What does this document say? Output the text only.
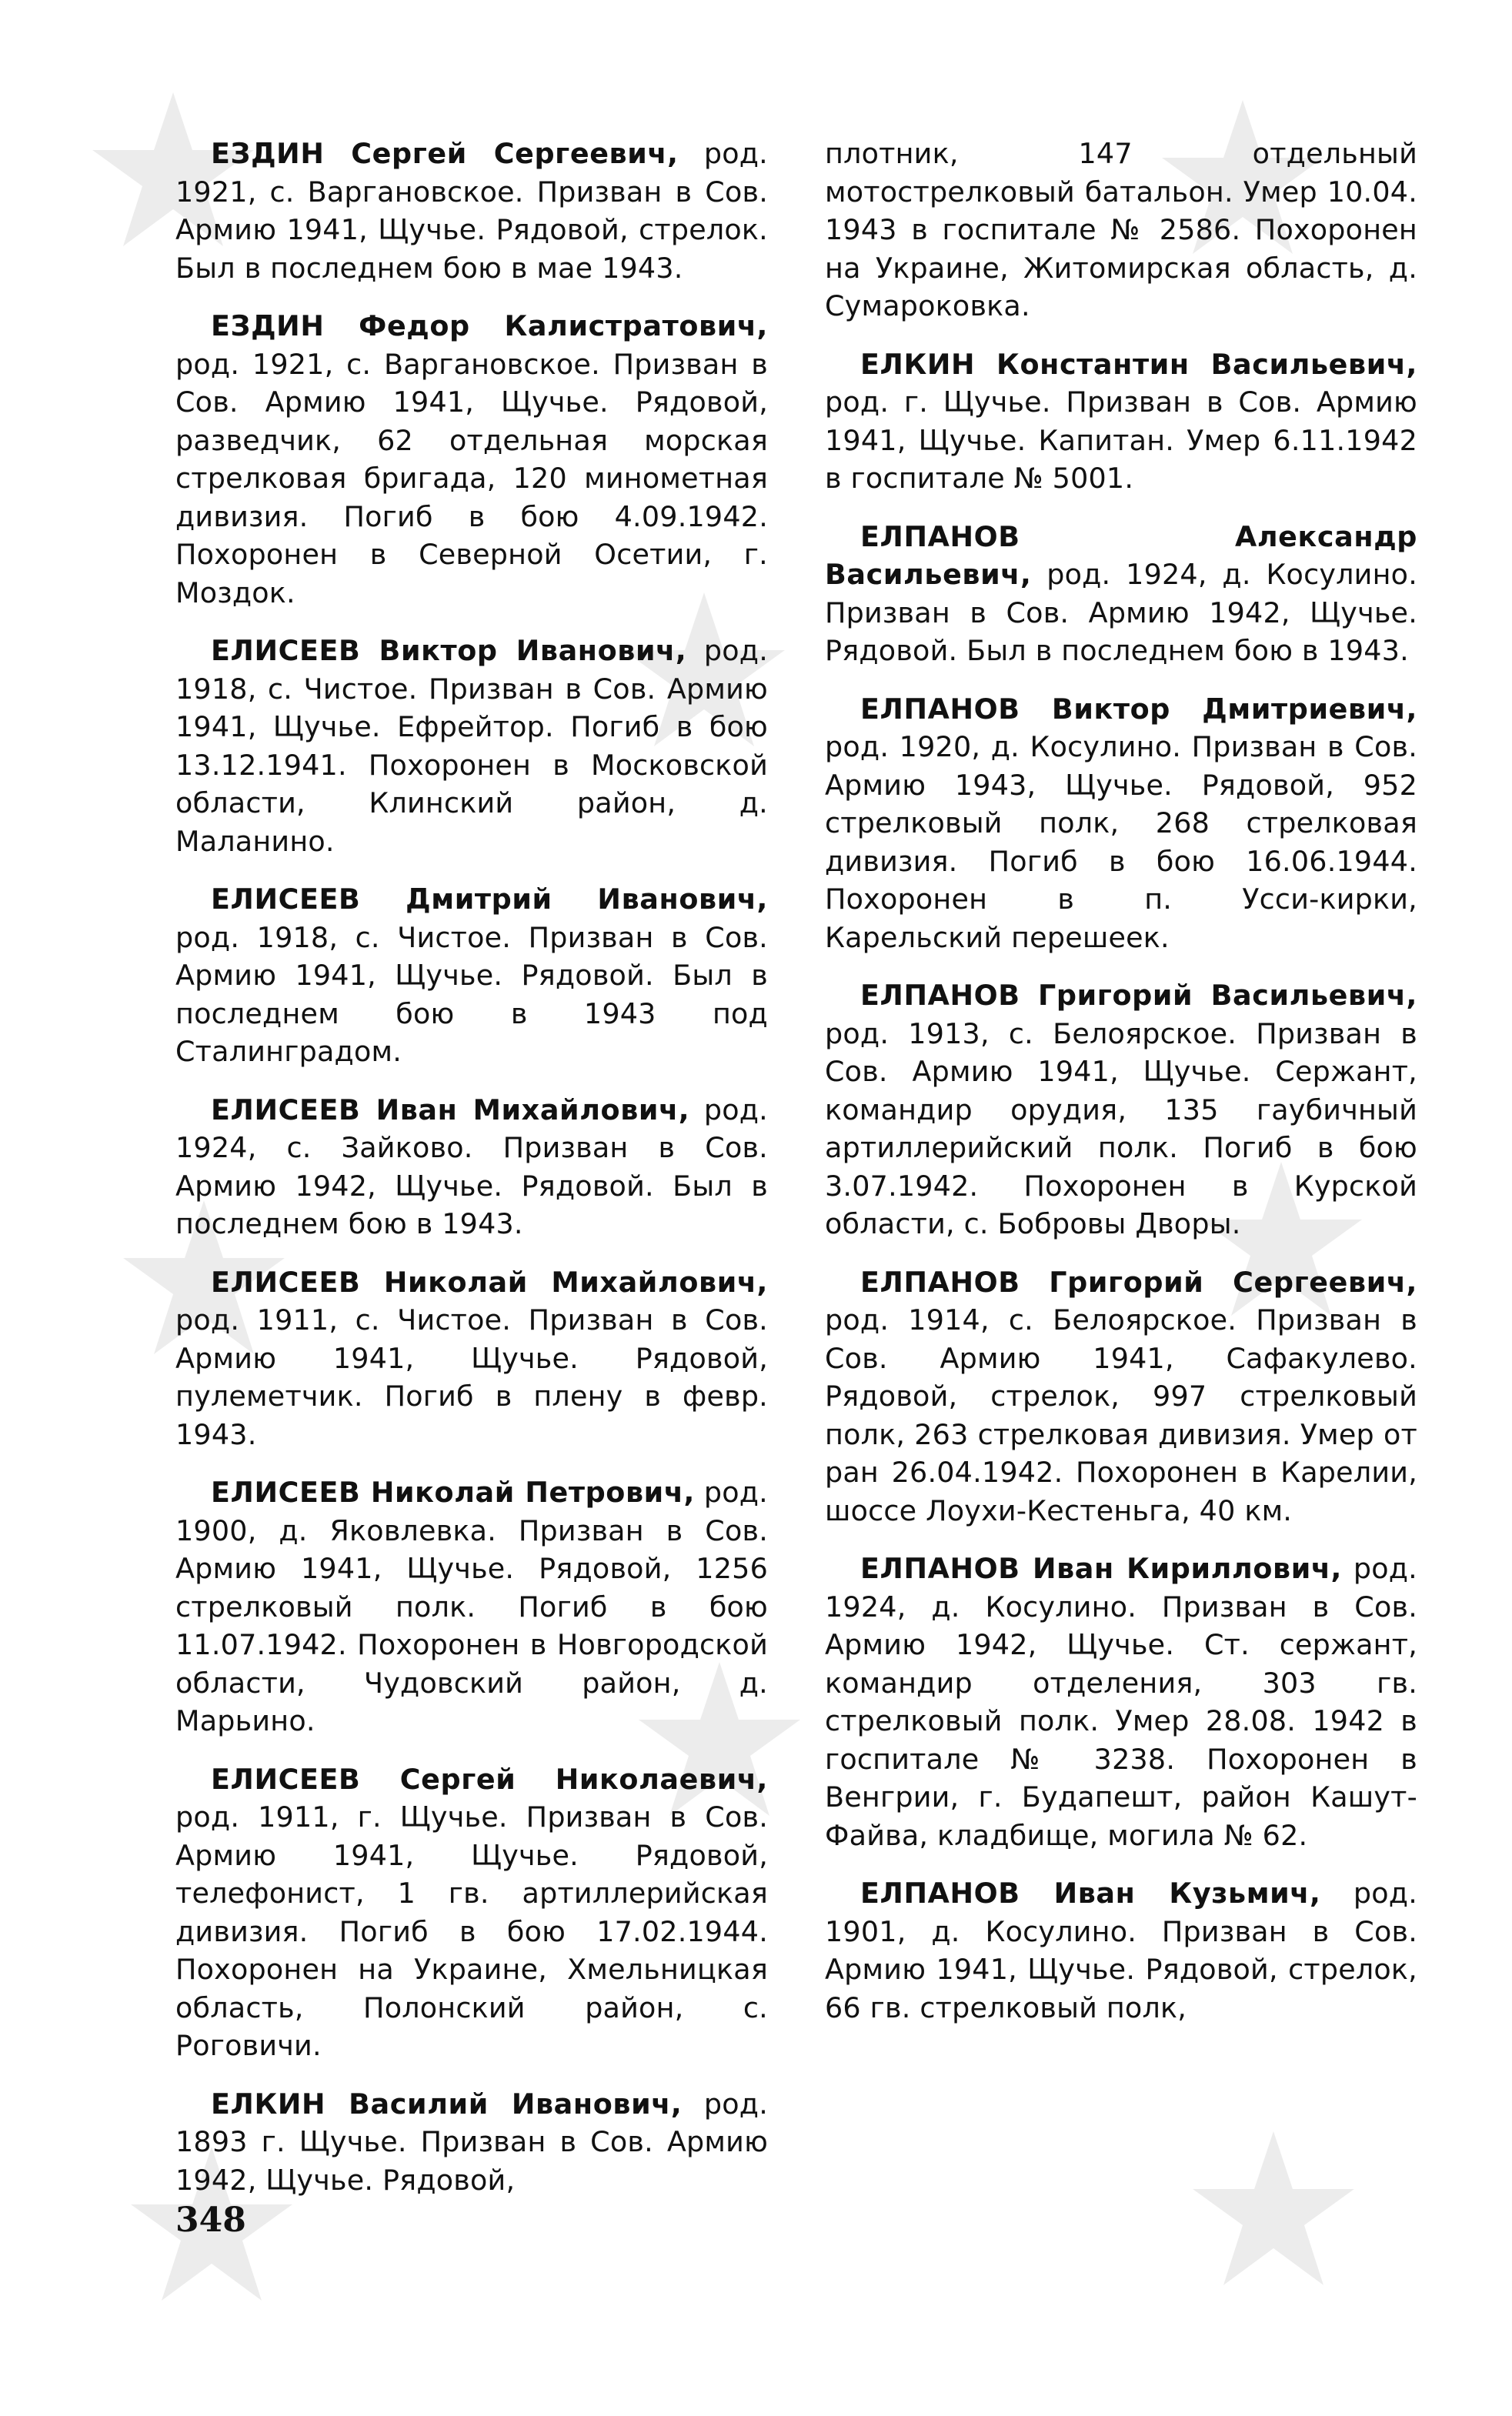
ЕЗДИН Сергей Сергеевич, род. 1921, с. Варгановское. Призван в Сов. Армию 1941, Щучье. Рядовой, стрелок. Был в последнем бою в мае 1943.

ЕЗДИН Федор Калистратович, род. 1921, с. Варгановское. Призван в Сов. Армию 1941, Щучье. Рядовой, разведчик, 62 отдельная морская стрелковая бригада, 120 минометная дивизия. Погиб в бою 4.09.1942. Похоронен в Северной Осетии, г. Моздок.

ЕЛИСЕЕВ Виктор Иванович, род. 1918, с. Чистое. Призван в Сов. Армию 1941, Щучье. Ефрейтор. Погиб в бою 13.12.1941. Похоронен в Московской области, Клинский район, д. Маланино.

ЕЛИСЕЕВ Дмитрий Иванович, род. 1918, с. Чистое. Призван в Сов. Армию 1941, Щучье. Рядовой. Был в последнем бою в 1943 под Сталинградом.

ЕЛИСЕЕВ Иван Михайлович, род. 1924, с. Зайково. Призван в Сов. Армию 1942, Щучье. Рядовой. Был в последнем бою в 1943.

ЕЛИСЕЕВ Николай Михайлович, род. 1911, с. Чистое. Призван в Сов. Армию 1941, Щучье. Рядовой, пулеметчик. Погиб в плену в февр. 1943.

ЕЛИСЕЕВ Николай Петрович, род. 1900, д. Яковлевка. Призван в Сов. Армию 1941, Щучье. Рядовой, 1256 стрелковый полк. Погиб в бою 11.07.1942. Похоронен в Новгородской области, Чудовский район, д. Марьино.

ЕЛИСЕЕВ Сергей Николаевич, род. 1911, г. Щучье. Призван в Сов. Армию 1941, Щучье. Рядовой, телефонист, 1 гв. артиллерийская дивизия. Погиб в бою 17.02.1944. Похоронен на Украине, Хмельницкая область, Полонский район, с. Роговичи.

ЕЛКИН Василий Иванович, род. 1893 г. Щучье. Призван в Сов. Армию 1942, Щучье. Рядовой,

плотник, 147 отдельный мотострелковый батальон. Умер 10.04. 1943 в госпитале № 2586. Похоронен на Украине, Житомирская область, д. Сумароковка.

ЕЛКИН Константин Васильевич, род. г. Щучье. Призван в Сов. Армию 1941, Щучье. Капитан. Умер 6.11.1942 в госпитале № 5001.

ЕЛПАНОВ Александр Васильевич, род. 1924, д. Косулино. Призван в Сов. Армию 1942, Щучье. Рядовой. Был в последнем бою в 1943.

ЕЛПАНОВ Виктор Дмитриевич, род. 1920, д. Косулино. Призван в Сов. Армию 1943, Щучье. Рядовой, 952 стрелковый полк, 268 стрелковая дивизия. Погиб в бою 16.06.1944. Похоронен в п. Усси-кирки, Карельский перешеек.

ЕЛПАНОВ Григорий Васильевич, род. 1913, с. Белоярское. Призван в Сов. Армию 1941, Щучье. Сержант, командир орудия, 135 гаубичный артиллерийский полк. Погиб в бою 3.07.1942. Похоронен в Курской области, с. Бобровы Дворы.

ЕЛПАНОВ Григорий Сергеевич, род. 1914, с. Белоярское. Призван в Сов. Армию 1941, Сафакулево. Рядовой, стрелок, 997 стрелковый полк, 263 стрелковая дивизия. Умер от ран 26.04.1942. Похоронен в Карелии, шоссе Лоухи-Кестеньга, 40 км.

ЕЛПАНОВ Иван Кириллович, род. 1924, д. Косулино. Призван в Сов. Армию 1942, Щучье. Ст. сержант, командир отделения, 303 гв. стрелковый полк. Умер 28.08. 1942 в госпитале № 3238. Похоронен в Венгрии, г. Будапешт, район Кашут-Файва, кладбище, могила № 62.

ЕЛПАНОВ Иван Кузьмич, род. 1901, д. Косулино. Призван в Сов. Армию 1941, Щучье. Рядовой, стрелок, 66 гв. стрелковый полк,

348
